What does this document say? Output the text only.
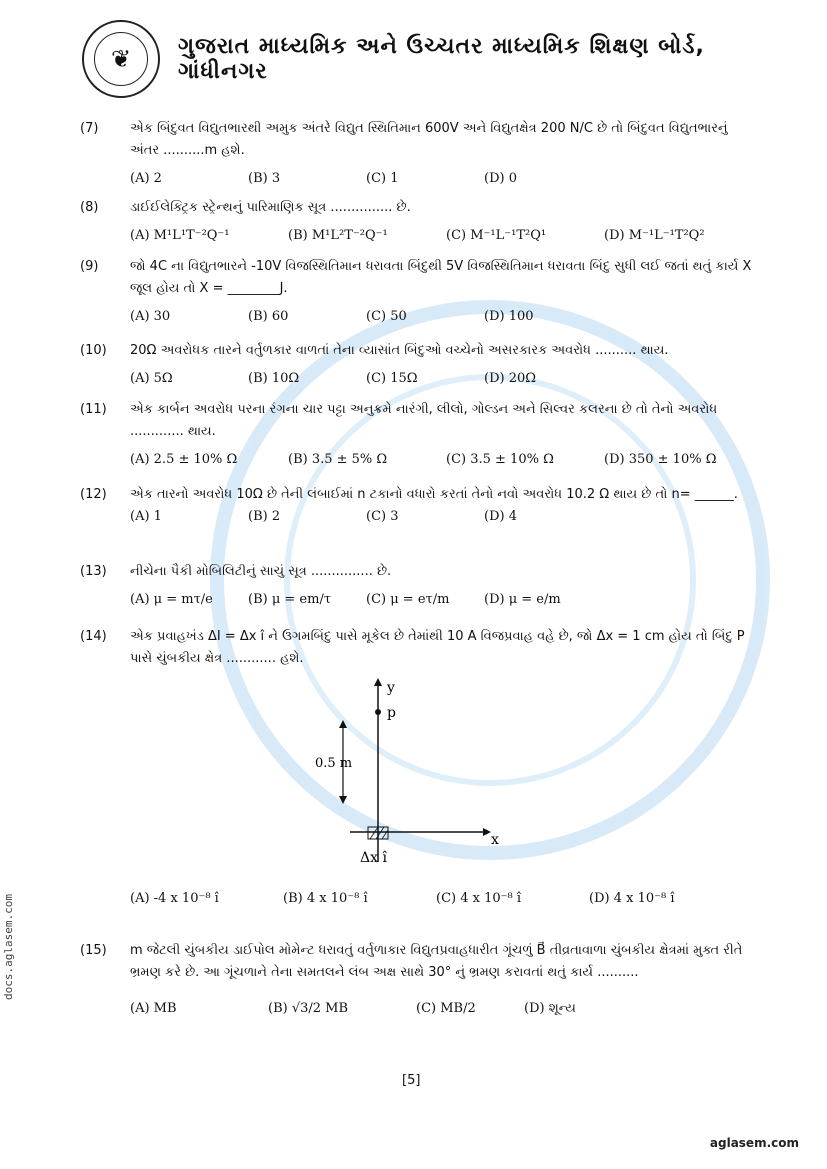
❦ ગુજરાત માધ્યમિક અને ઉચ્ચતર માધ્યમિક શિક્ષણ બોર્ડ, ગાંધીનગર
(7)	એક બિંદુવત વિદ્યુતભારથી અમુક અંતરે વિદ્યુત સ્થિતિમાન 600V અને વિદ્યુતક્ષેત્ર 200 N/C છે તો બિંદુવત વિદ્યુતભારનું અંતર ..........m હશે.
(A) 2	(B) 3	(C) 1	(D) 0
(8)	ડાઈઈલેક્ટ્રિક સ્ટ્રેન્થનું પારિમાણિક સૂત્ર ............... છે.
(A) M¹L¹T⁻²Q⁻¹	(B) M¹L²T⁻²Q⁻¹	(C) M⁻¹L⁻¹T²Q¹	(D) M⁻¹L⁻¹T²Q²
(9)	જો 4C ના વિદ્યુતભારને -10V વિજસ્થિતિમાન ધરાવતા બિંદુથી 5V વિજસ્થિતિમાન ધરાવતા બિંદુ સુધી લઈ જતાં થતું કાર્ય X જૂલ હોય તો X = ________J.
(A) 30	(B) 60	(C) 50	(D) 100
(10)	20Ω અવરોધક તારને વર્તુળકાર વાળતાં તેના વ્યાસાંત બિંદુઓ વચ્ચેનો અસરકારક અવરોધ .......... થાય.
(A) 5Ω	(B) 10Ω	(C) 15Ω	(D) 20Ω
(11)	એક કાર્બન અવરોધ પરના રંગના ચાર પટ્ટા અનુક્રમે નારંગી, લીલો, ગોલ્ડન અને સિલ્વર કલરના છે તો તેનો અવરોધ ............. થાય.
(A) 2.5 ± 10% Ω	(B) 3.5 ± 5% Ω	(C) 3.5 ± 10% Ω	(D) 350 ± 10% Ω
(12)	એક તારનો અવરોધ 10Ω છે તેની લંબાઈમાં n ટકાનો વધારો કરતાં તેનો નવો અવરોધ 10.2 Ω થાય છે તો n= ______.
(A) 1	(B) 2	(C) 3	(D) 4
(13)	નીચેના પૈકી મોબિલિટીનું સાચું સૂત્ર ............... છે.
(A) μ = mτ/e	(B) μ = em/τ	(C) μ = eτ/m	(D) μ = e/m
(14)	એક પ્રવાહખંડ ΔI = Δx î ને ઉગમબિંદુ પાસે મૂકેલ છે તેમાંથી 10 A વિજપ્રવાહ વહે છે, જો Δx = 1 cm હોય તો બિંદુ P પાસે ચુંબકીય ક્ષેત્ર ............ હશે.
y
p
0.5 m
x
Δx î
(A) -4 x 10⁻⁸ î	(B) 4 x 10⁻⁸ î	(C) 4 x 10⁻⁸ î	(D) 4 x 10⁻⁸ î
(15)	m જેટલી ચુંબકીય ડાઈપોલ મોમેન્ટ ધરાવતું વર્તુળાકાર વિદ્યુતપ્રવાહધારીત ગૂંચળું B⃗ તીવ્રતાવાળા ચુંબકીય ક્ષેત્રમાં મુક્ત રીતે ભ્રમણ કરે છે. આ ગૂંચળાને તેના સમતલને લંબ અક્ષ સાથે 30° નું ભ્રમણ કરાવતાં થતું કાર્ય ..........
(A) MB	(B) √3/2 MB	(C) MB/2	(D) શૂન્ય
[5]
aglasem.com
docs.aglasem.com
